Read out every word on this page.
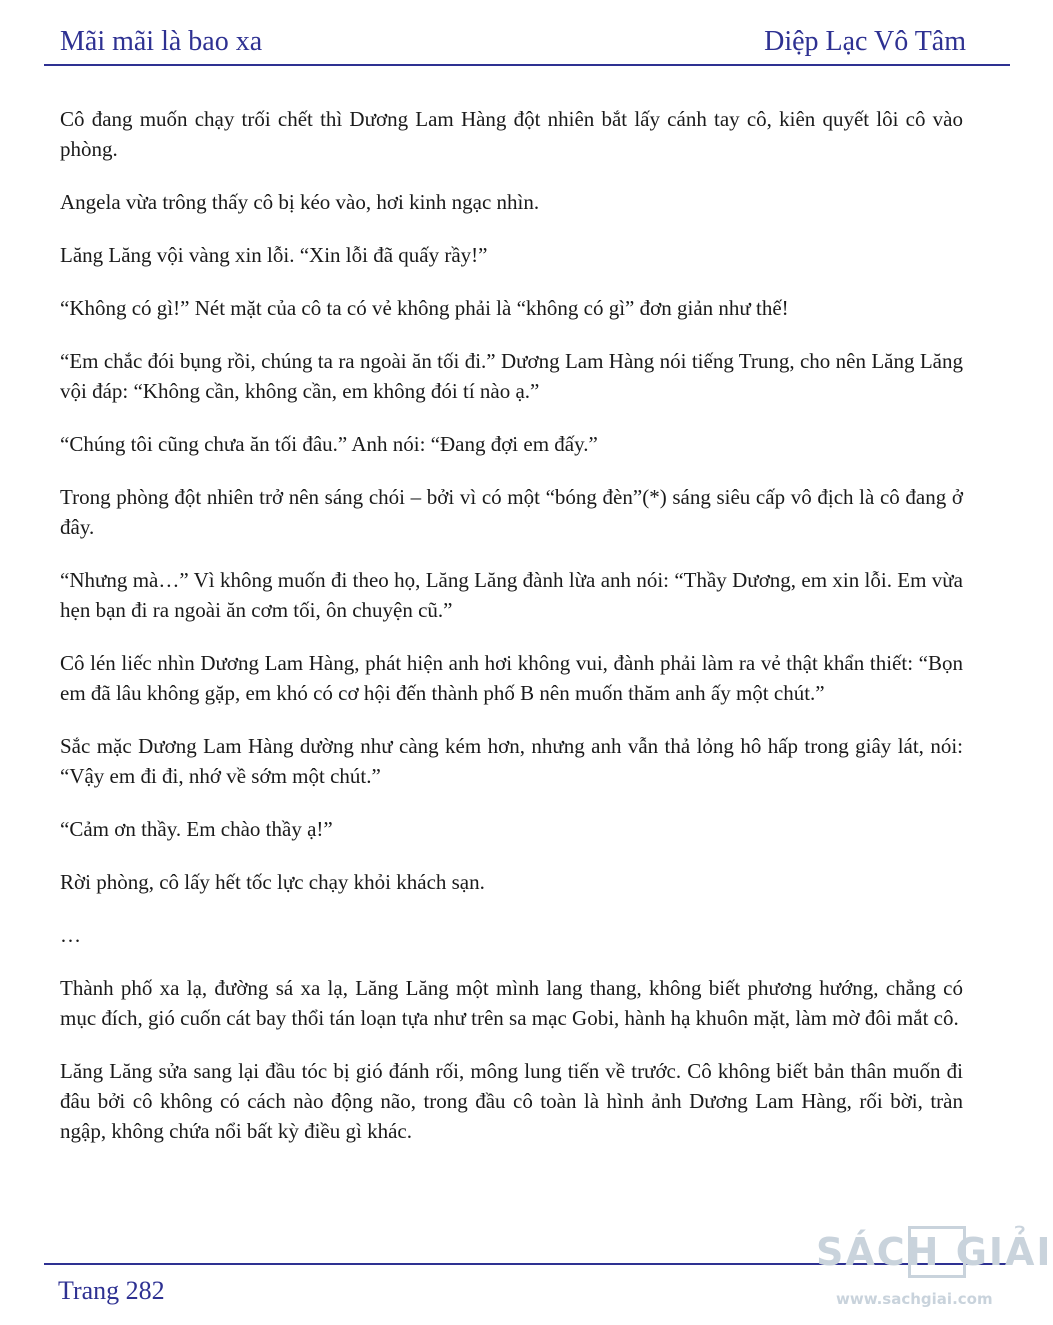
Mãi mãi là bao xa	Diệp Lạc Vô Tâm

Cô đang muốn chạy trối chết thì Dương Lam Hàng đột nhiên bắt lấy cánh tay cô, kiên quyết lôi cô vào phòng.

Angela vừa trông thấy cô bị kéo vào, hơi kinh ngạc nhìn.

Lăng Lăng vội vàng xin lỗi. “Xin lỗi đã quấy rầy!”

“Không có gì!” Nét mặt của cô ta có vẻ không phải là “không có gì” đơn giản như thế!

“Em chắc đói bụng rồi, chúng ta ra ngoài ăn tối đi.” Dương Lam Hàng nói tiếng Trung, cho nên Lăng Lăng vội đáp: “Không cần, không cần, em không đói tí nào ạ.”

“Chúng tôi cũng chưa ăn tối đâu.” Anh nói: “Đang đợi em đấy.”

Trong phòng đột nhiên trở nên sáng chói – bởi vì có một “bóng đèn”(*) sáng siêu cấp vô địch là cô đang ở đây.

“Nhưng mà…” Vì không muốn đi theo họ, Lăng Lăng đành lừa anh nói: “Thầy Dương, em xin lỗi. Em vừa hẹn bạn đi ra ngoài ăn cơm tối, ôn chuyện cũ.”

Cô lén liếc nhìn Dương Lam Hàng, phát hiện anh hơi không vui, đành phải làm ra vẻ thật khẩn thiết: “Bọn em đã lâu không gặp, em khó có cơ hội đến thành phố B nên muốn thăm anh ấy một chút.”

Sắc mặc Dương Lam Hàng dường như càng kém hơn, nhưng anh vẫn thả lỏng hô hấp trong giây lát, nói: “Vậy em đi đi, nhớ về sớm một chút.”

“Cảm ơn thầy. Em chào thầy ạ!”

Rời phòng, cô lấy hết tốc lực chạy khỏi khách sạn.

…

Thành phố xa lạ, đường sá xa lạ, Lăng Lăng một mình lang thang, không biết phương hướng, chẳng có mục đích, gió cuốn cát bay thổi tán loạn tựa như trên sa mạc Gobi, hành hạ khuôn mặt, làm mờ đôi mắt cô.

Lăng Lăng sửa sang lại đầu tóc bị gió đánh rối, mông lung tiến về trước. Cô không biết bản thân muốn đi đâu bởi cô không có cách nào động não, trong đầu cô toàn là hình ảnh Dương Lam Hàng, rối bời, tràn ngập, không chứa nổi bất kỳ điều gì khác.

Trang 282
SÁCH GIẢI
www.sachgiai.com
